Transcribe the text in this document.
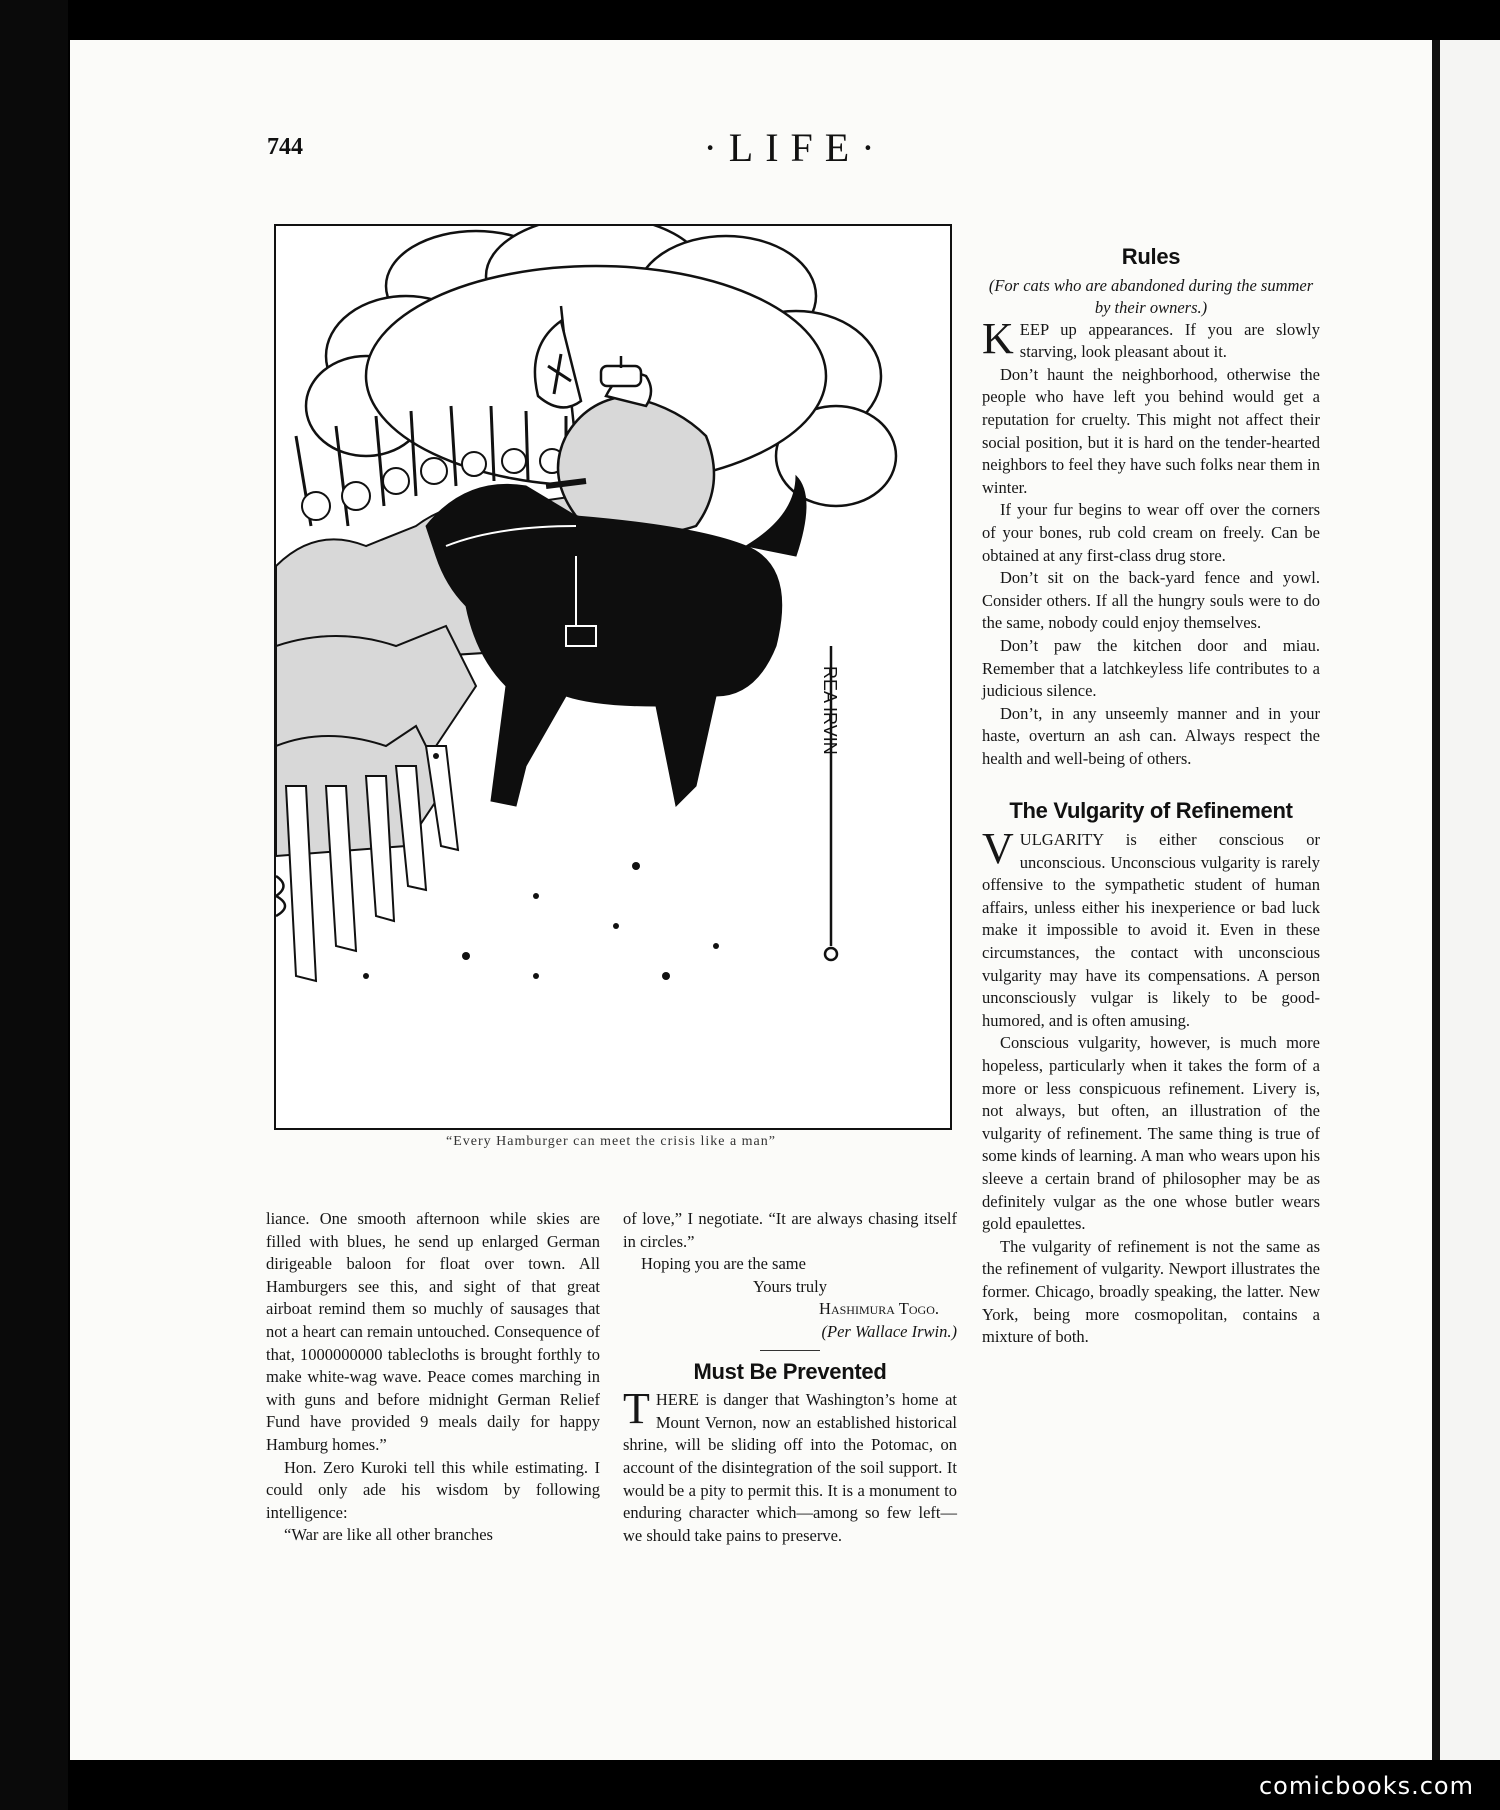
744	·LIFE·
REA IRVIN
“Every Hamburger can meet the crisis like a man”

liance. One smooth afternoon while skies are filled with blues, he send up enlarged German dirigeable baloon for float over town. All Hamburgers see this, and sight of that great airboat remind them so muchly of sausages that not a heart can remain untouched. Consequence of that, 1000000000 tablecloths is brought forthly to make white-wag wave. Peace comes marching in with guns and before midnight German Relief Fund have provided 9 meals daily for happy Hamburg homes.”

Hon. Zero Kuroki tell this while estimating. I could only ade his wisdom by following intelligence:

“War are like all other branches

of love,” I negotiate. “It are always chasing itself in circles.”

Hoping you are the same

Yours truly

Hashimura Togo.

(Per Wallace Irwin.)

Must Be Prevented

THERE is danger that Washington’s home at Mount Vernon, now an established historical shrine, will be sliding off into the Potomac, on account of the disintegration of the soil support. It would be a pity to permit this. It is a monument to enduring character which—among so few left—we should take pains to preserve.

Rules

(For cats who are abandoned during the summer by their owners.)

KEEP up appearances. If you are slowly starving, look pleasant about it.

Don’t haunt the neighborhood, otherwise the people who have left you behind would get a reputation for cruelty. This might not affect their social position, but it is hard on the tender-hearted neighbors to feel they have such folks near them in winter.

If your fur begins to wear off over the corners of your bones, rub cold cream on freely. Can be obtained at any first-class drug store.

Don’t sit on the back-yard fence and yowl. Consider others. If all the hungry souls were to do the same, nobody could enjoy themselves.

Don’t paw the kitchen door and miau. Remember that a latchkeyless life contributes to a judicious silence.

Don’t, in any unseemly manner and in your haste, overturn an ash can. Always respect the health and well-being of others.

The Vulgarity of Refinement

VULGARITY is either conscious or unconscious. Unconscious vulgarity is rarely offensive to the sympathetic student of human affairs, unless either his inexperience or bad luck make it impossible to avoid it. Even in these circumstances, the contact with unconscious vulgarity may have its compensations. A person unconsciously vulgar is likely to be good-humored, and is often amusing.

Conscious vulgarity, however, is much more hopeless, particularly when it takes the form of a more or less conspicuous refinement. Livery is, not always, but often, an illustration of the vulgarity of refinement. The same thing is true of some kinds of learning. A man who wears upon his sleeve a certain brand of philosopher may be as definitely vulgar as the one whose butler wears gold epaulettes.

The vulgarity of refinement is not the same as the refinement of vulgarity. Newport illustrates the former. Chicago, broadly speaking, the latter. New York, being more cosmopolitan, contains a mixture of both.

comicbooks.com
